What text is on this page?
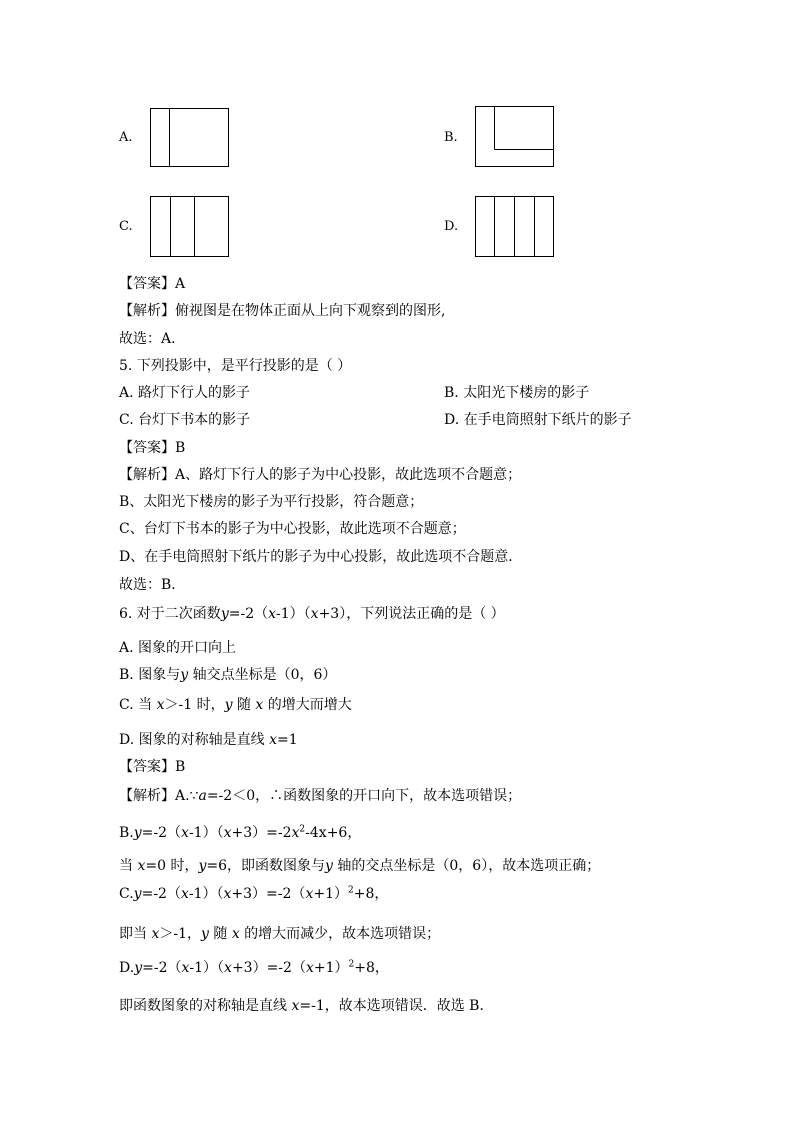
A.	B.
C.	D.
【答案】A
【解析】俯视图是在物体正面从上向下观察到的图形,
故选：A.
5. 下列投影中，是平行投影的是（ ）
A. 路灯下行人的影子	B. 太阳光下楼房的影子
C. 台灯下书本的影子	D. 在手电筒照射下纸片的影子
【答案】B
【解析】A、路灯下行人的影子为中心投影，故此选项不合题意；
B、太阳光下楼房的影子为平行投影，符合题意；
C、台灯下书本的影子为中心投影，故此选项不合题意；
D、在手电筒照射下纸片的影子为中心投影，故此选项不合题意．
故选：B．
6. 对于二次函数y=-2（x-1）（x+3），下列说法正确的是（ ）
A. 图象的开口向上
B. 图象与y 轴交点坐标是（0，6）
C. 当 x＞-1 时，y 随 x 的增大而增大
D. 图象的对称轴是直线 x=1
【答案】B
【解析】A.∵a=-2＜0，∴函数图象的开口向下，故本选项错误；
$B.y=-2(x-1)(x+3)=-2x^2-4x+6$，
当 x=0 时，y=6，即函数图象与y 轴的交点坐标是（0，6），故本选项正确；
$C.y=-2(x-1)(x+3)=-2(x+1)^2+8$，
即当 x＞-1，y 随 x 的增大而减少，故本选项错误；
$D.y=-2(x-1)(x+3)=-2(x+1)^2+8$，
即函数图象的对称轴是直线 x=-1，故本选项错误．故选 B．
